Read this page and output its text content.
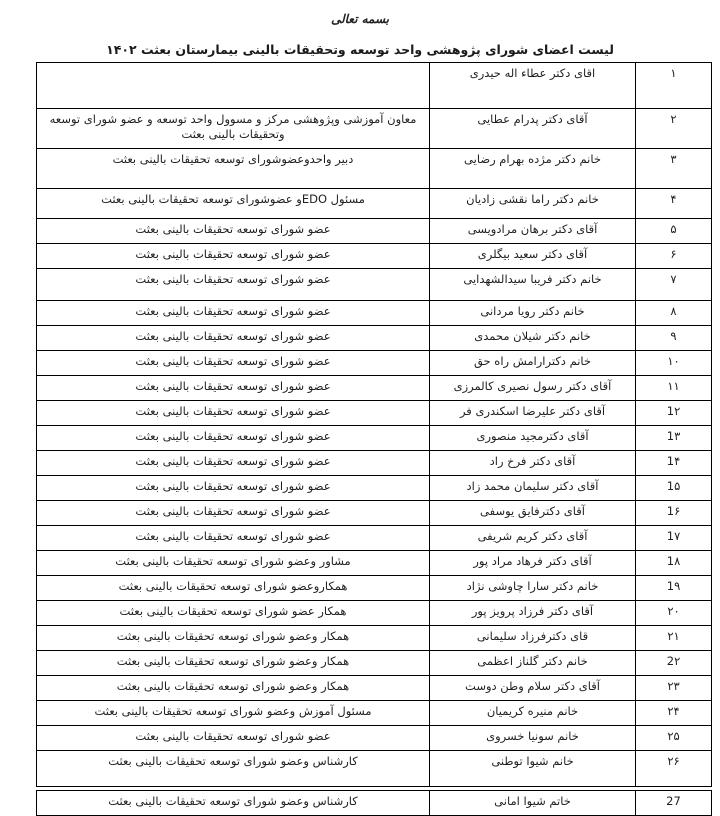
بسمه تعالی
لیست اعضای شورای پژوهشی واحد توسعه وتحقیقات بالینی بیمارستان بعثت ۱۴۰۲
۱	اقای دکتر عطاء اله حیدری	
۲	آقای دکتر پدرام عطایی	معاون آموزشی وپژوهشی مرکز و مسوول واحد توسعه و عضو شورای توسعه وتحقیقات بالینی بعثت
۳	خانم دکتر مژده بهرام رضایی	دبیر واحدوعضوشورای توسعه تحقیقات بالینی بعثت
۴	خانم دکتر راما نقشی زادیان	مسئول EDOو عضوشورای توسعه تحقیقات بالینی بعثت
۵	آقای دکتر برهان مرادویسی	عضو شورای توسعه تحقیقات بالینی بعثت
۶	آقای دکتر سعید بیگلری	عضو شورای توسعه تحقیقات بالینی بعثت
۷	خانم دکتر فریبا سیدالشهدایی	عضو شورای توسعه تحقیقات بالینی بعثت
۸	خانم دکتر رویا مردانی	عضو شورای توسعه تحقیقات بالینی بعثت
۹	خانم دکتر شیلان محمدی	عضو شورای توسعه تحقیقات بالینی بعثت
۱۰	خانم دکترارامش راه حق	عضو شورای توسعه تحقیقات بالینی بعثت
۱۱	آقای دکتر رسول نصیری کالمرزی	عضو شورای توسعه تحقیقات بالینی بعثت
1۲	آقای دکتر علیرضا اسکندری فر	عضو شورای توسعه تحقیقات بالینی بعثت
1۳	آقای دکترمجید منصوری	عضو شورای توسعه تحقیقات بالینی بعثت
1۴	آقای دکتر فرخ راد	عضو شورای توسعه تحقیقات بالینی بعثت
1۵	آقای دکتر سلیمان محمد زاد	عضو شورای توسعه تحقیقات بالینی بعثت
1۶	آقای دکترفایق یوسفی	عضو شورای توسعه تحقیقات بالینی بعثت
1۷	آقای دکتر کریم شریفی	عضو شورای توسعه تحقیقات بالینی بعثت
1۸	آقای دکتر فرهاد مراد پور	مشاور وعضو شورای توسعه تحقیقات بالینی بعثت
1۹	خانم دکتر سارا چاوشی نژاد	همکاروعضو شورای توسعه تحقیقات بالینی بعثت
۲۰	آقای دکتر فرزاد پرویز پور	همکار عضو شورای توسعه تحقیقات بالینی بعثت
۲۱	قای دکترفرزاد سلیمانی	همکار وعضو شورای توسعه تحقیقات بالینی بعثت
2۲	خانم دکتر گلناز اعظمی	همکار وعضو شورای توسعه تحقیقات بالینی بعثت
۲۳	آقای دکتر سلام وطن دوست	همکار وعضو شورای توسعه تحقیقات بالینی بعثت
۲۴	خانم منیره کریمیان	مسئول آموزش وعضو شورای توسعه تحقیقات بالینی بعثت
۲۵	خانم سونیا خسروی	عضو شورای توسعه تحقیقات بالینی بعثت
۲۶	خانم شیوا توطنی	کارشناس وعضو شورای توسعه تحقیقات بالینی بعثت
27	خاتم شیوا امانی	کارشناس وعضو شورای توسعه تحقیقات بالینی بعثت
